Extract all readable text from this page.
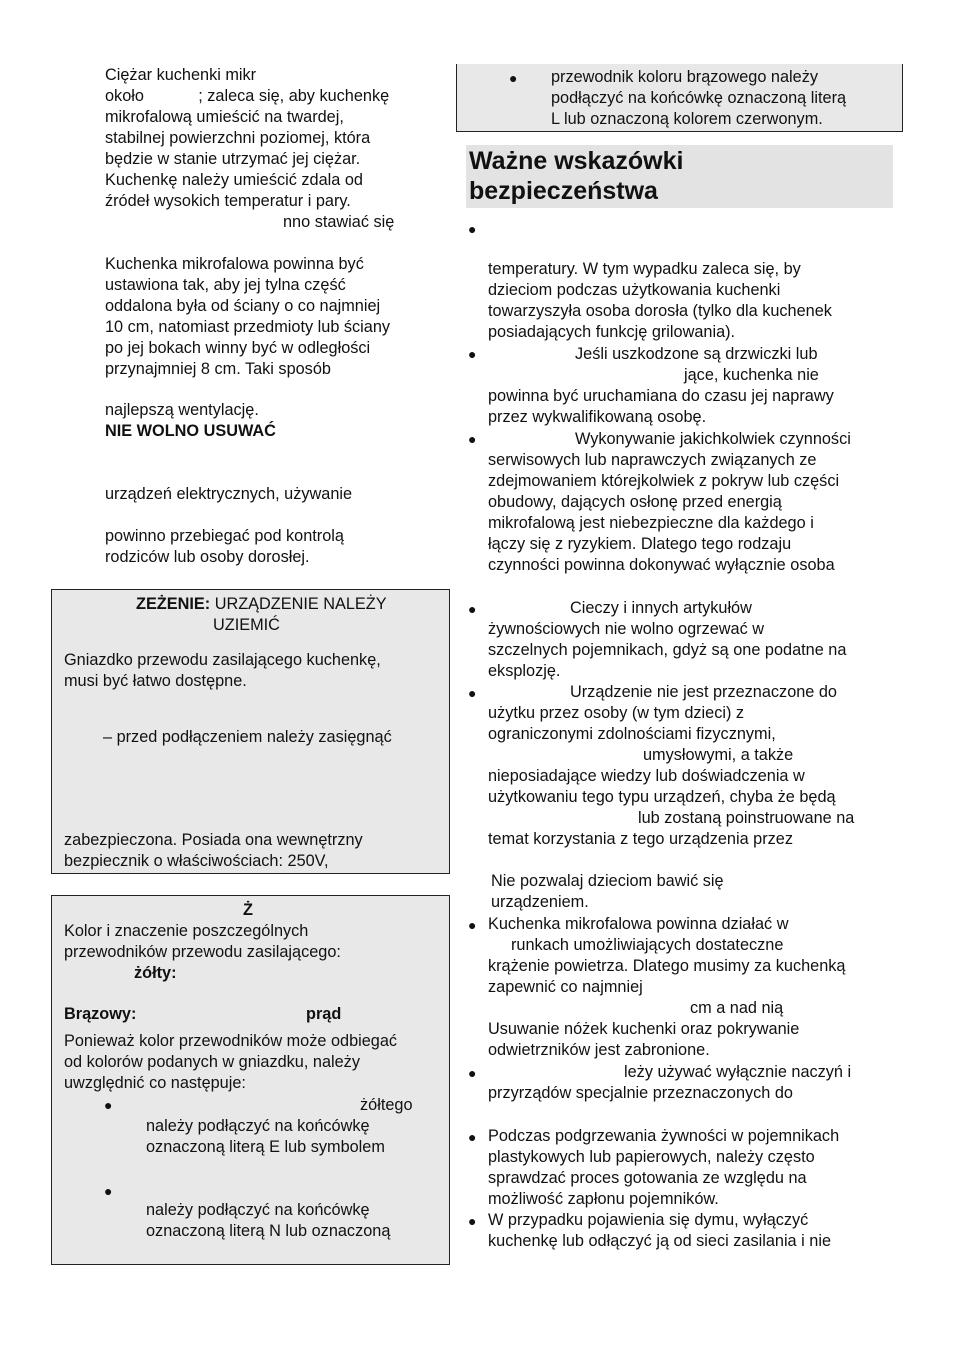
Ciężar kuchenki mikr
około            ; zaleca się, aby kuchenkę
mikrofalową umieścić na twardej,
stabilnej powierzchni poziomej, która
będzie w stanie utrzymać jej ciężar.
Kuchenkę należy umieścić zdala od
źródeł wysokich temperatur i pary.
nno stawiać się
Kuchenka mikrofalowa powinna być
ustawiona tak, aby jej tylna część
oddalona była od ściany o co najmniej
10 cm, natomiast przedmioty lub ściany
po jej bokach winny być w odległości
przynajmniej 8 cm. Taki sposób
najlepszą wentylację.
NIE WOLNO USUWAĆ
urządzeń elektrycznych, używanie
powinno przebiegać pod kontrolą
rodziców lub osoby dorosłej.
ZEŻENIE: URZĄDZENIE NALEŻY
UZIEMIĆ
Gniazdko przewodu zasilającego kuchenkę,
musi być łatwo dostępne.
– przed podłączeniem należy zasięgnąć
zabezpieczona. Posiada ona wewnętrzny
bezpiecznik o właściwościach: 250V,
Ż
Kolor i znaczenie poszczególnych
przewodników przewodu zasilającego:
żółty:
Brązowy:	prąd
Ponieważ kolor przewodników może odbiegać
od kolorów podanych w gniazdku, należy
uwzględnić co następuje:
●	żółtego
należy podłączyć na końcówkę
oznaczoną literą E lub symbolem
●
należy podłączyć na końcówkę
oznaczoną literą N lub oznaczoną
● przewodnik koloru brązowego należy
podłączyć na końcówkę oznaczoną literą
L lub oznaczoną kolorem czerwonym.
Ważne wskazówki
bezpieczeństwa
●
temperatury. W tym wypadku zaleca się, by
dzieciom podczas użytkowania kuchenki
towarzyszyła osoba dorosła (tylko dla kuchenek
posiadających funkcję grilowania).
●	Jeśli uszkodzone są drzwiczki lub
jące, kuchenka nie
powinna być uruchamiana do czasu jej naprawy
przez wykwalifikowaną osobę.
●	Wykonywanie jakichkolwiek czynności
serwisowych lub naprawczych związanych ze
zdejmowaniem którejkolwiek z pokryw lub części
obudowy, dających osłonę przed energią
mikrofalową jest niebezpieczne dla każdego i
łączy się z ryzykiem. Dlatego tego rodzaju
czynności powinna dokonywać wyłącznie osoba
●	Cieczy i innych artykułów
żywnościowych nie wolno ogrzewać w
szczelnych pojemnikach, gdyż są one podatne na
eksplozję.
●	Urządzenie nie jest przeznaczone do
użytku przez osoby (w tym dzieci) z
ograniczonymi zdolnościami fizycznymi,
umysłowymi, a także
nieposiadające wiedzy lub doświadczenia w
użytkowaniu tego typu urządzeń, chyba że będą
lub zostaną poinstruowane na
temat korzystania z tego urządzenia przez
Nie pozwalaj dzieciom bawić się
urządzeniem.
● Kuchenka mikrofalowa powinna działać w
runkach umożliwiających dostateczne
krążenie powietrza. Dlatego musimy za kuchenką
zapewnić co najmniej
cm a nad nią
Usuwanie nóżek kuchenki oraz pokrywanie
odwietrzników jest zabronione.
●	leży używać wyłącznie naczyń i
przyrządów specjalnie przeznaczonych do
● Podczas podgrzewania żywności w pojemnikach
plastykowych lub papierowych, należy często
sprawdzać proces gotowania ze względu na
możliwość zapłonu pojemników.
● W przypadku pojawienia się dymu, wyłączyć
kuchenkę lub odłączyć ją od sieci zasilania i nie
